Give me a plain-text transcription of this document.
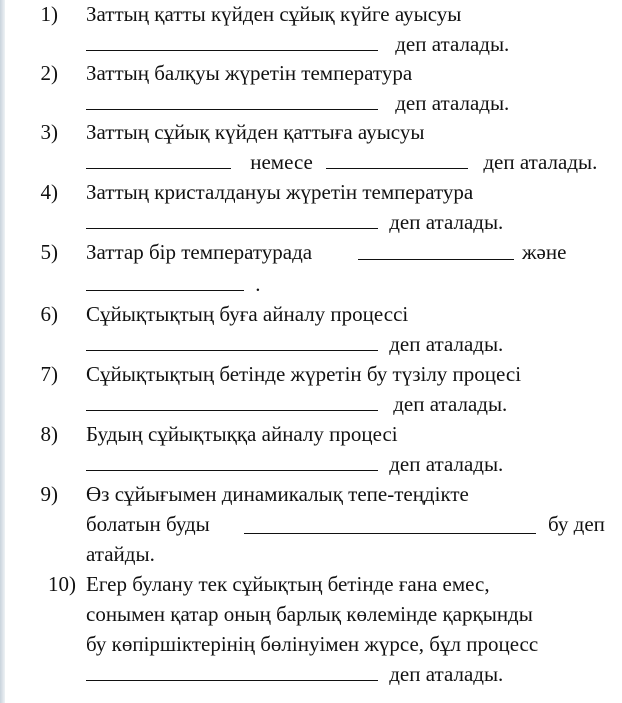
1) Заттың қатты күйден сұйық күйге ауысуы
деп аталады.
2) Заттың балқуы жүретін температура
деп аталады.
3) Заттың сұйық күйден қаттыға ауысуы
немесе	деп аталады.
4) Заттың кристалдануы жүретін температура
деп аталады.
5) Заттар бір температурада	және
.
6) Сұйықтықтың буға айналу процессі
деп аталады.
7) Сұйықтықтың бетінде жүретін бу түзілу процесі
деп аталады.
8) Будың сұйықтыққа айналу процесі
деп аталады.
9) Өз сұйығымен динамикалық тепе-теңдікте
болатын буды	бу деп
атайды.
10) Егер булану тек сұйықтың бетінде ғана емес,
сонымен қатар оның барлық көлемінде қарқынды
бу көпіршіктерінің бөлінуімен жүрсе, бұл процесс
деп аталады.
